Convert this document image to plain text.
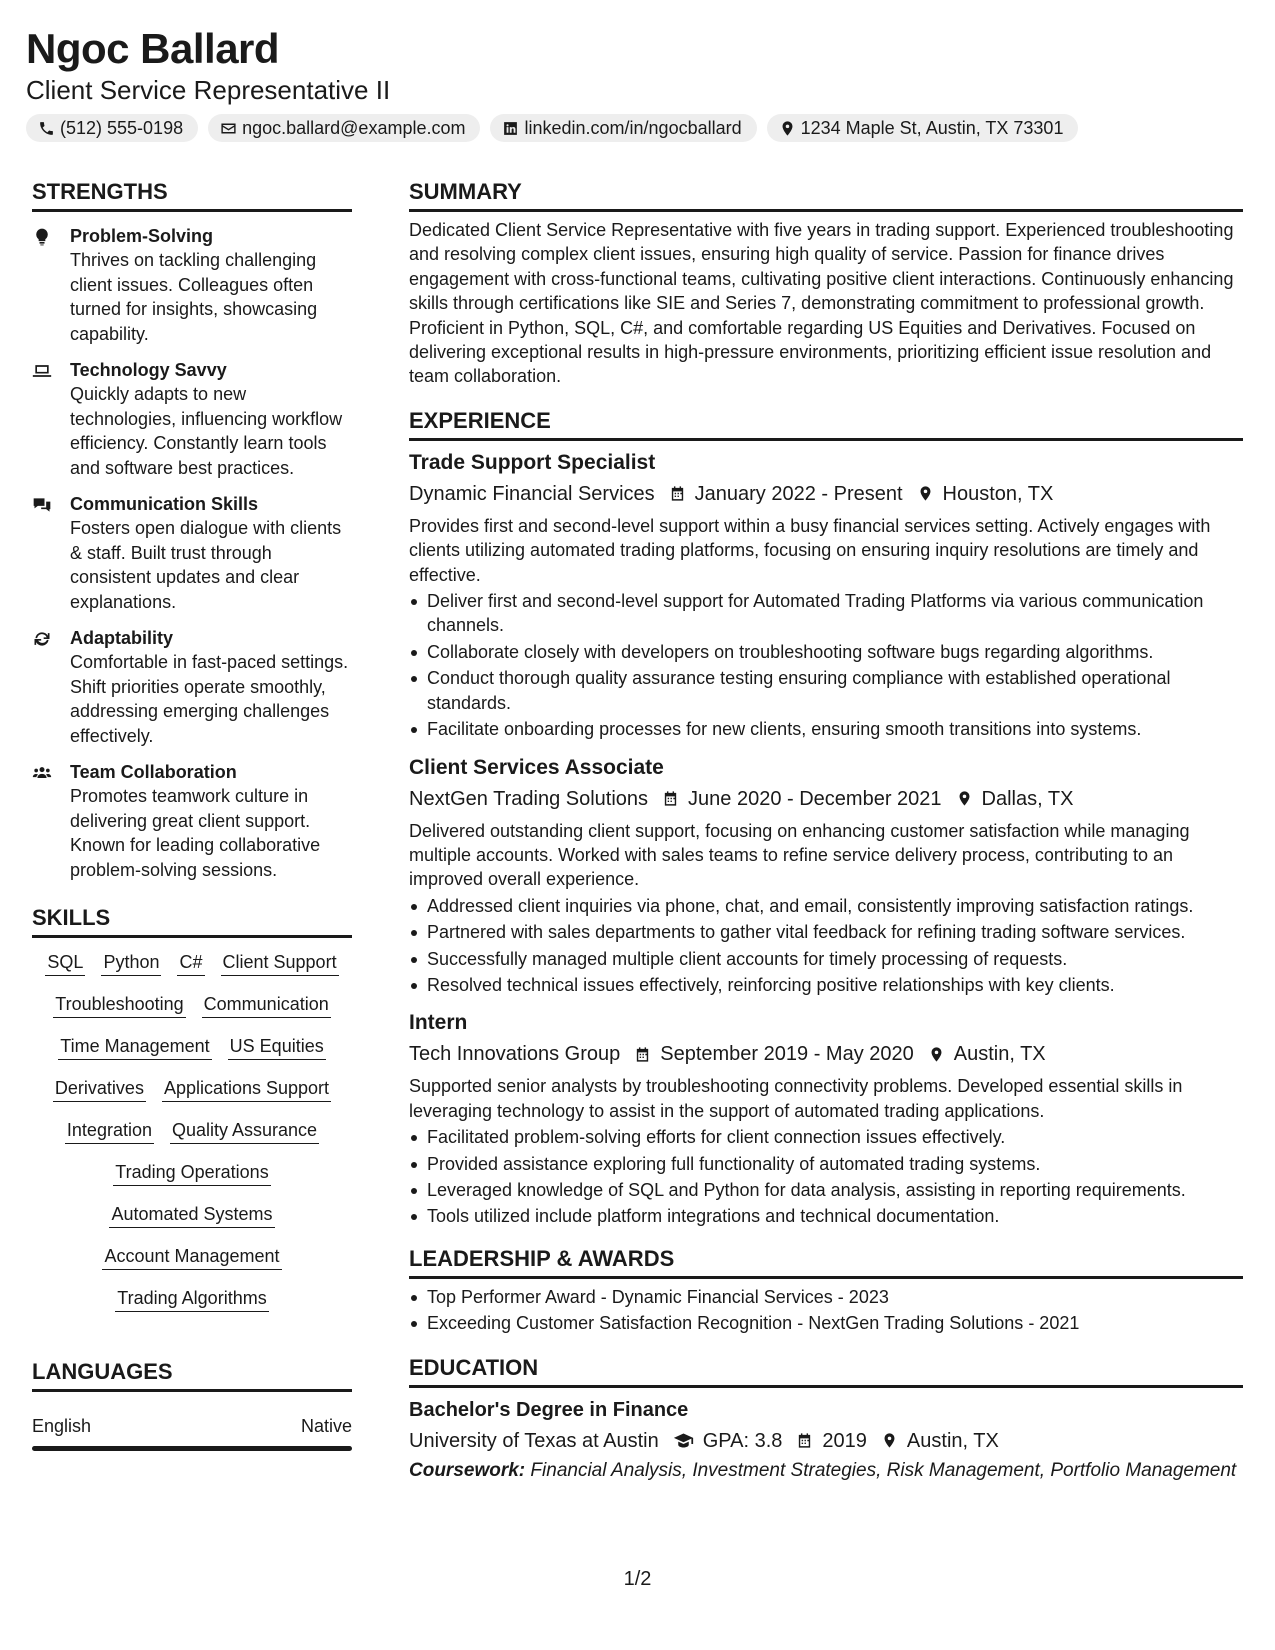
Ngoc Ballard
Client Service Representative II
(512) 555-0198	ngoc.ballard@example.com	linkedin.com/in/ngocballard	1234 Maple St, Austin, TX 73301
STRENGTHS
Problem-Solving
Thrives on tackling challenging client issues. Colleagues often turned for insights, showcasing capability.
Technology Savvy
Quickly adapts to new technologies, influencing workflow efficiency. Constantly learn tools and software best practices.
Communication Skills
Fosters open dialogue with clients & staff. Built trust through consistent updates and clear explanations.
Adaptability
Comfortable in fast-paced settings. Shift priorities operate smoothly, addressing emerging challenges effectively.
Team Collaboration
Promotes teamwork culture in delivering great client support. Known for leading collaborative problem-solving sessions.
SKILLS
SQL Python C# Client Support
Troubleshooting Communication
Time Management US Equities
Derivatives Applications Support
Integration Quality Assurance
Trading Operations
Automated Systems
Account Management
Trading Algorithms
LANGUAGES
English	Native
SUMMARY
Dedicated Client Service Representative with five years in trading support. Experienced troubleshooting and resolving complex client issues, ensuring high quality of service. Passion for finance drives engagement with cross-functional teams, cultivating positive client interactions. Continuously enhancing skills through certifications like SIE and Series 7, demonstrating commitment to professional growth. Proficient in Python, SQL, C#, and comfortable regarding US Equities and Derivatives. Focused on delivering exceptional results in high-pressure environments, prioritizing efficient issue resolution and team collaboration.
EXPERIENCE
Trade Support Specialist
Dynamic Financial Services January 2022 - Present Houston, TX
Provides first and second-level support within a busy financial services setting. Actively engages with clients utilizing automated trading platforms, focusing on ensuring inquiry resolutions are timely and effective.
Deliver first and second-level support for Automated Trading Platforms via various communication channels.
Collaborate closely with developers on troubleshooting software bugs regarding algorithms.
Conduct thorough quality assurance testing ensuring compliance with established operational standards.
Facilitate onboarding processes for new clients, ensuring smooth transitions into systems.
Client Services Associate
NextGen Trading Solutions June 2020 - December 2021 Dallas, TX
Delivered outstanding client support, focusing on enhancing customer satisfaction while managing multiple accounts. Worked with sales teams to refine service delivery process, contributing to an improved overall experience.
Addressed client inquiries via phone, chat, and email, consistently improving satisfaction ratings.
Partnered with sales departments to gather vital feedback for refining trading software services.
Successfully managed multiple client accounts for timely processing of requests.
Resolved technical issues effectively, reinforcing positive relationships with key clients.
Intern
Tech Innovations Group September 2019 - May 2020 Austin, TX
Supported senior analysts by troubleshooting connectivity problems. Developed essential skills in leveraging technology to assist in the support of automated trading applications.
Facilitated problem-solving efforts for client connection issues effectively.
Provided assistance exploring full functionality of automated trading systems.
Leveraged knowledge of SQL and Python for data analysis, assisting in reporting requirements.
Tools utilized include platform integrations and technical documentation.
LEADERSHIP & AWARDS
Top Performer Award - Dynamic Financial Services - 2023
Exceeding Customer Satisfaction Recognition - NextGen Trading Solutions - 2021
EDUCATION
Bachelor's Degree in Finance
University of Texas at Austin GPA: 3.8 2019 Austin, TX
Coursework: Financial Analysis, Investment Strategies, Risk Management, Portfolio Management
1/2
